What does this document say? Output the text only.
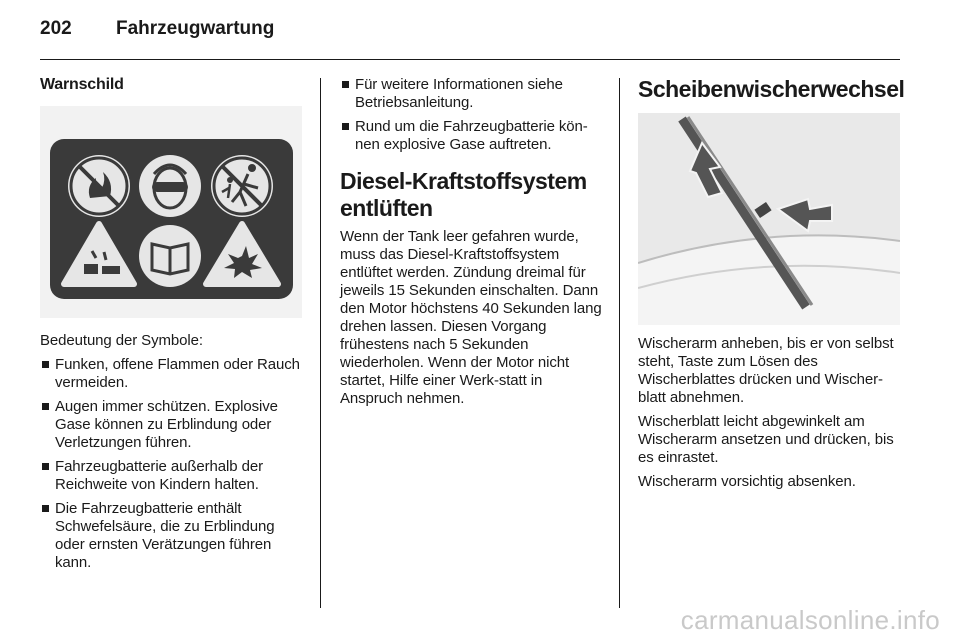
202	Fahrzeugwartung
Warnschild

Bedeutung der Symbole:

Funken, offene Flammen oder Rauch vermeiden.
Augen immer schützen. Explosive Gase können zu Erblindung oder Verletzungen führen.
Fahrzeugbatterie außerhalb der Reichweite von Kindern halten.
Die Fahrzeugbatterie enthält Schwefelsäure, die zu Erblindung oder ernsten Verätzungen führen kann.
Für weitere Informationen siehe Betriebsanleitung.
Rund um die Fahrzeugbatterie kön-nen explosive Gase auftreten.
Diesel-Kraftstoffsystem entlüften

Wenn der Tank leer gefahren wurde, muss das Diesel-Kraftstoffsystem entlüftet werden. Zündung dreimal für jeweils 15 Sekunden einschalten. Dann den Motor höchstens 40 Sekunden lang drehen lassen. Diesen Vorgang frühestens nach 5 Sekunden wiederholen. Wenn der Motor nicht startet, Hilfe einer Werk-statt in Anspruch nehmen.

Scheibenwischerwechsel

Wischerarm anheben, bis er von selbst steht, Taste zum Lösen des Wischerblattes drücken und Wischer-blatt abnehmen.

Wischerblatt leicht abgewinkelt am Wischerarm ansetzen und drücken, bis es einrastet.

Wischerarm vorsichtig absenken.

carmanualsonline.info
